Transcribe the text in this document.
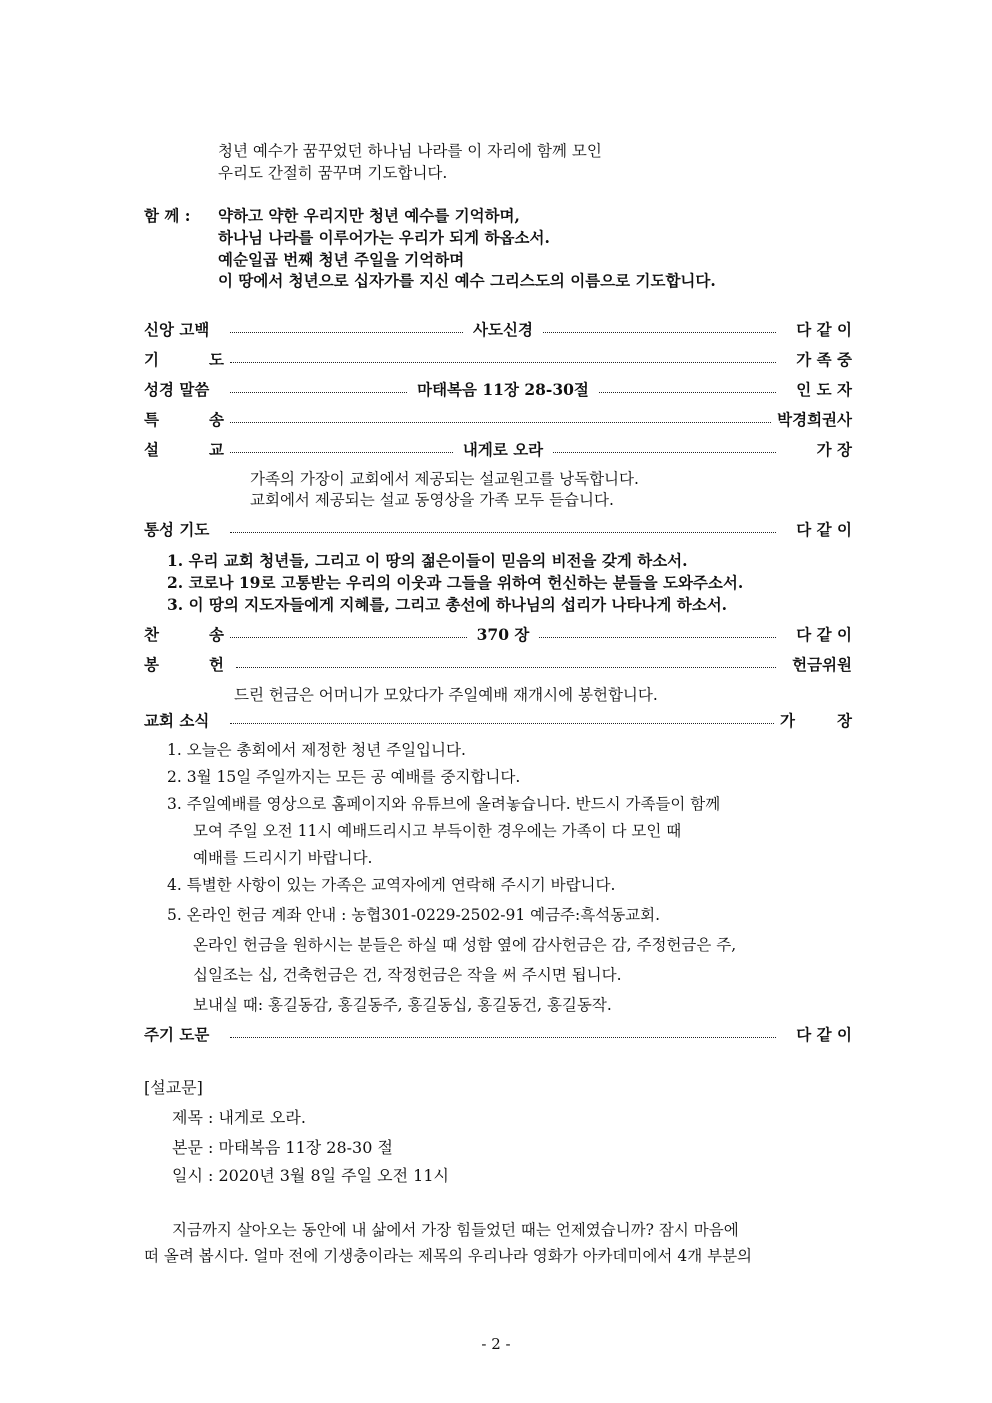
청년 예수가 꿈꾸었던 하나님 나라를 이 자리에 함께 모인
우리도 간절히 꿈꾸며 기도합니다.
함 께 : 약하고 약한 우리지만 청년 예수를 기억하며,
하나님 나라를 이루어가는 우리가 되게 하옵소서.
예순일곱 번째 청년 주일을 기억하며
이 땅에서 청년으로 십자가를 지신 예수 그리스도의 이름으로 기도합니다.
신앙 고백	사도신경	다 같 이
기	도	가 족 중
성경 말씀	마태복음 11장 28-30절	인 도 자
특	송	박경희권사
설	교	내게로 오라	가 장
가족의 가장이 교회에서 제공되는 설교원고를 낭독합니다.
교회에서 제공되는 설교 동영상을 가족 모두 듣습니다.
통성 기도	다 같 이
1. 우리 교회 청년들, 그리고 이 땅의 젊은이들이 믿음의 비전을 갖게 하소서.
2. 코로나 19로 고통받는 우리의 이웃과 그들을 위하여 헌신하는 분들을 도와주소서.
3. 이 땅의 지도자들에게 지혜를, 그리고 총선에 하나님의 섭리가 나타나게 하소서.
찬	송	370 장	다 같 이
봉	헌	헌금위원
드린 헌금은 어머니가 모았다가 주일예배 재개시에 봉헌합니다.
교회 소식	가	장
1. 오늘은 총회에서 제정한 청년 주일입니다.
2. 3월 15일 주일까지는 모든 공 예배를 중지합니다.
3. 주일예배를 영상으로 홈페이지와 유튜브에 올려놓습니다. 반드시 가족들이 함께
모여 주일 오전 11시 예배드리시고 부득이한 경우에는 가족이 다 모인 때
예배를 드리시기 바랍니다.
4. 특별한 사항이 있는 가족은 교역자에게 연락해 주시기 바랍니다.
5. 온라인 헌금 계좌 안내 : 농협301-0229-2502-91 예금주:흑석동교회.
온라인 헌금을 원하시는 분들은 하실 때 성함 옆에 감사헌금은 감, 주정헌금은 주,
십일조는 십, 건축헌금은 건, 작정헌금은 작을 써 주시면 됩니다.
보내실 때: 홍길동감, 홍길동주, 홍길동십, 홍길동건, 홍길동작.
주기 도문	다 같 이
[설교문]
제목 : 내게로 오라.
본문 : 마태복음 11장 28-30 절
일시 : 2020년 3월 8일 주일 오전 11시
지금까지 살아오는 동안에 내 삶에서 가장 힘들었던 때는 언제였습니까? 잠시 마음에
떠 올려 봅시다. 얼마 전에 기생충이라는 제목의 우리나라 영화가 아카데미에서 4개 부분의
- 2 -
